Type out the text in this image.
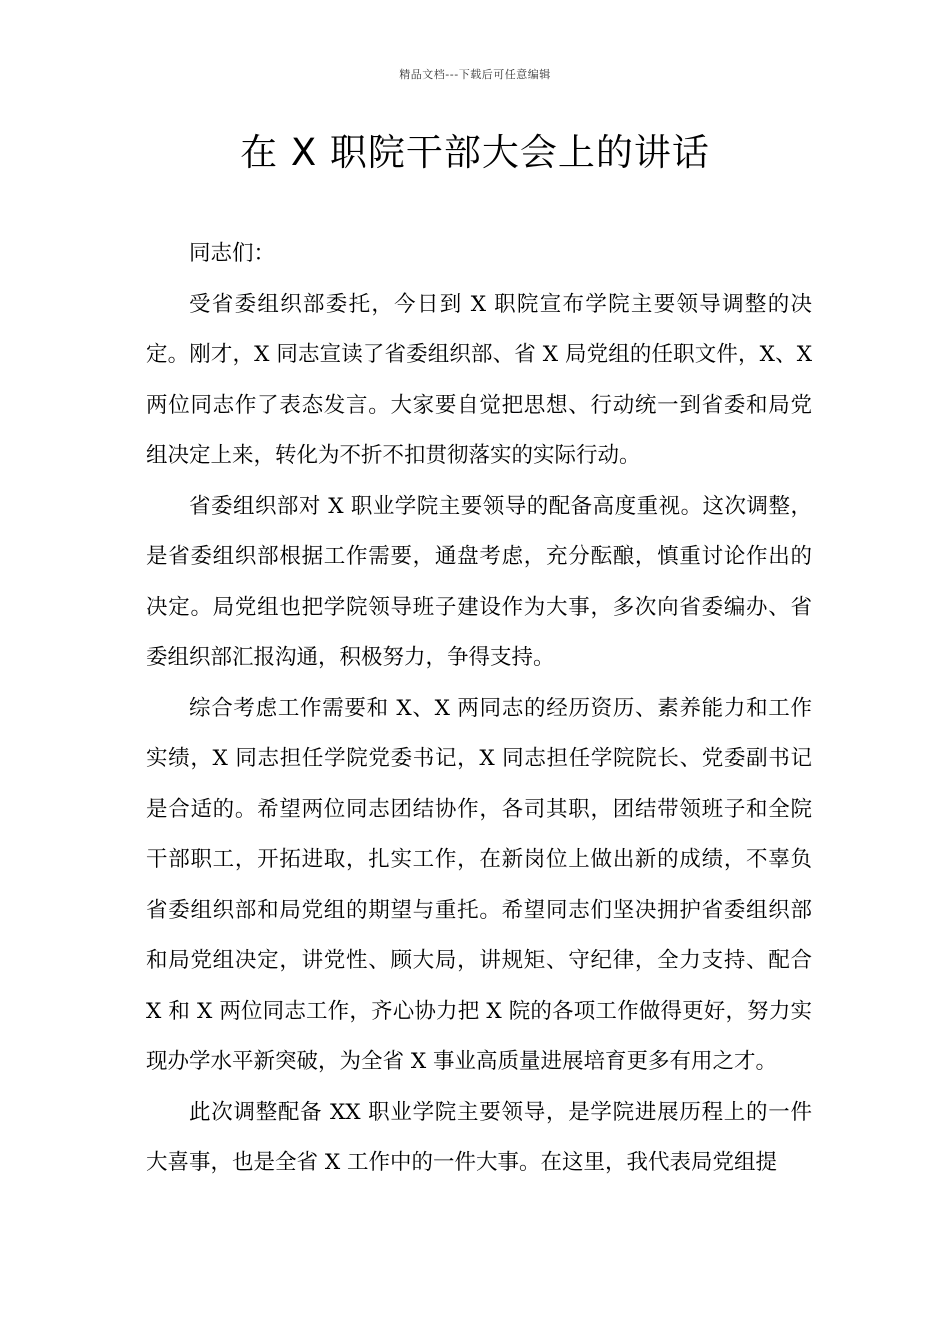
精品文档---下载后可任意编辑
在 X 职院干部大会上的讲话

同志们：

受省委组织部委托，今日到 X 职院宣布学院主要领导调整的决定。刚才，X 同志宣读了省委组织部、省 X 局党组的任职文件，X、X 两位同志作了表态发言。大家要自觉把思想、行动统一到省委和局党组决定上来，转化为不折不扣贯彻落实的实际行动。

省委组织部对 X 职业学院主要领导的配备高度重视。这次调整，是省委组织部根据工作需要，通盘考虑，充分酝酿，慎重讨论作出的决定。局党组也把学院领导班子建设作为大事，多次向省委编办、省委组织部汇报沟通，积极努力，争得支持。

综合考虑工作需要和 X、X 两同志的经历资历、素养能力和工作实绩，X 同志担任学院党委书记，X 同志担任学院院长、党委副书记是合适的。希望两位同志团结协作，各司其职，团结带领班子和全院干部职工，开拓进取，扎实工作，在新岗位上做出新的成绩，不辜负省委组织部和局党组的期望与重托。希望同志们坚决拥护省委组织部和局党组决定，讲党性、顾大局，讲规矩、守纪律，全力支持、配合 X 和 X 两位同志工作，齐心协力把 X 院的各项工作做得更好，努力实现办学水平新突破，为全省 X 事业高质量进展培育更多有用之才。

此次调整配备 XX 职业学院主要领导，是学院进展历程上的一件大喜事，也是全省 X 工作中的一件大事。在这里，我代表局党组提
